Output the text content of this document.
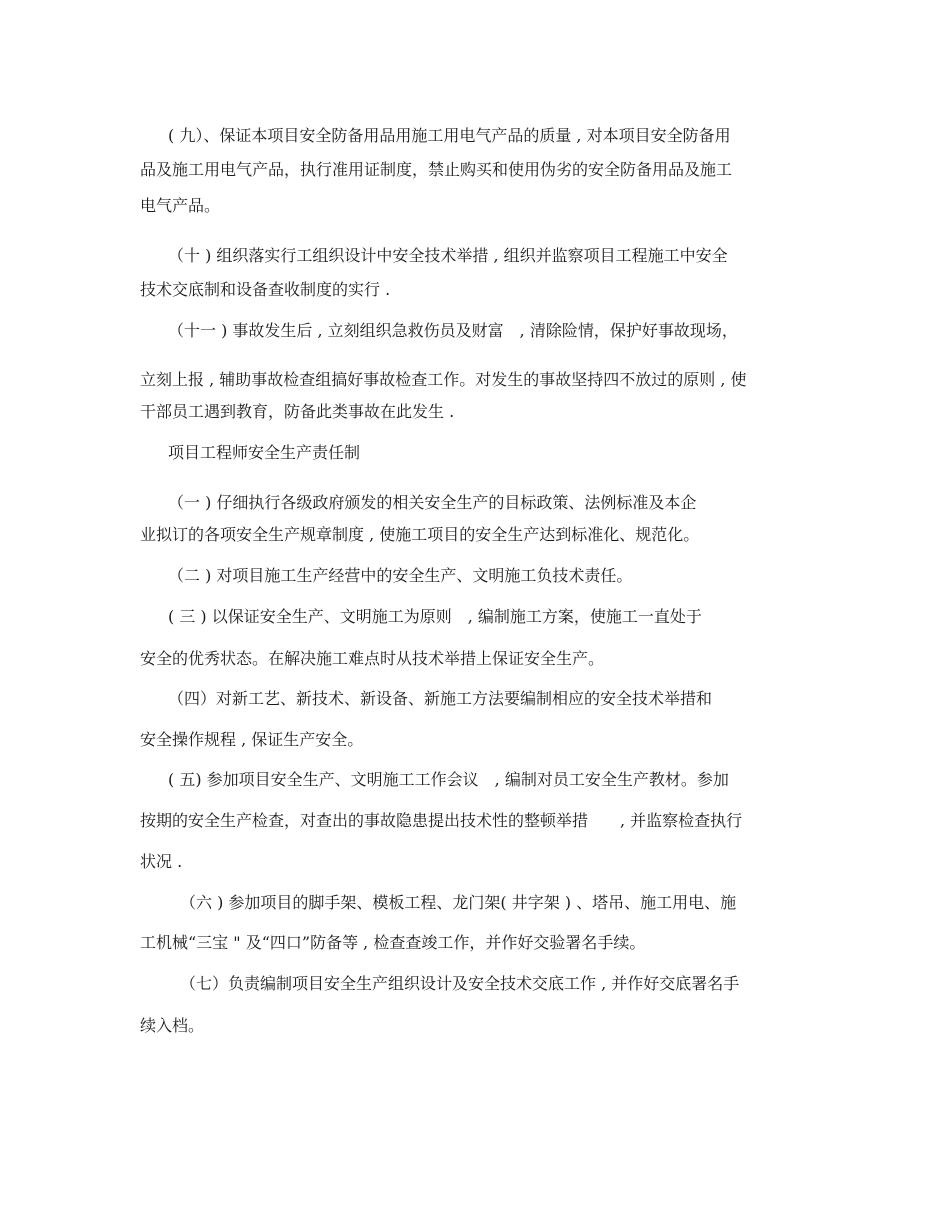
( 九）、保证本项目安全防备用品用施工用电气产品的质量 , 对本项目安全防备用
品及施工用电气产品，执行准用证制度，禁止购买和使用伪劣的安全防备用品及施工
电气产品。
（十 ) 组织落实行工组织设计中安全技术举措 , 组织并监察项目工程施工中安全
技术交底制和设备查收制度的实行 .
（十一 ) 事故发生后 , 立刻组织急救伤员及财富　, 清除险情，保护好事故现场，
立刻上报 , 辅助事故检查组搞好事故检查工作。对发生的事故坚持四不放过的原则 , 使
干部员工遇到教育，防备此类事故在此发生 .
项目工程师安全生产责任制
（一 ) 仔细执行各级政府颁发的相关安全生产的目标政策、法例标准及本企
业拟订的各项安全生产规章制度 , 使施工项目的安全生产达到标准化、规范化。
（二 ) 对项目施工生产经营中的安全生产、文明施工负技术责任。
( 三 ) 以保证安全生产、文明施工为原则　, 编制施工方案，使施工一直处于
安全的优秀状态。在解决施工难点时从技术举措上保证安全生产。
（四）对新工艺、新技术、新设备、新施工方法要编制相应的安全技术举措和
安全操作规程 , 保证生产安全。
( 五) 参加项目安全生产、文明施工工作会议　, 编制对员工安全生产教材。参加
按期的安全生产检查，对查出的事故隐患提出技术性的整顿举措　　, 并监察检查执行
状况 .
（六 ) 参加项目的脚手架、模板工程、龙门架( 井字架 ) 、塔吊、施工用电、施
工机械“三宝 " 及“四口”防备等 , 检查查竣工作，并作好交验署名手续。
（七）负责编制项目安全生产组织设计及安全技术交底工作 , 并作好交底署名手
续入档。
